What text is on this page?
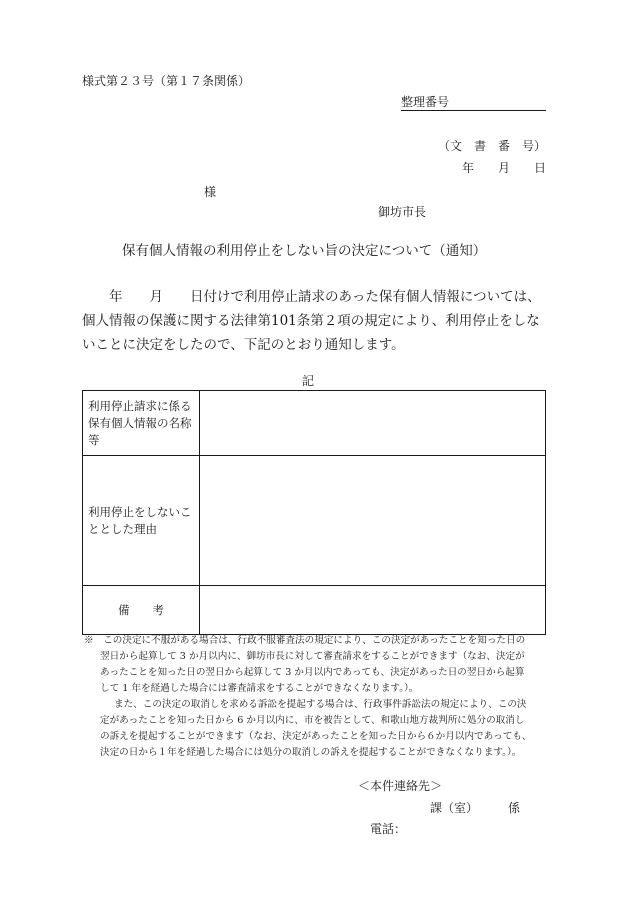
様式第２３号（第１７条関係）
整理番号
（文　書　番　号）
年　　月　　日
様
御坊市長
保有個人情報の利用停止をしない旨の決定について（通知）
　　年　　月　　日付けで利用停止請求のあった保有個人情報については、個人情報の保護に関する法律第101条第２項の規定により、利用停止をしないことに決定をしたので、下記のとおり通知します。
記
利用停止請求に係る
保有個人情報の名称
等	

利用停止をしないこ
ととした理由	

備　　考	
※　この決定に不服がある場合は、行政不服審査法の規定により、この決定があったことを知った日の
翌日から起算して 3 か月以内に、御坊市長に対して審査請求をすることができます（なお、決定が
あったことを知った日の翌日から起算して 3 か月以内であっても、決定があった日の翌日から起算
して 1 年を経過した場合には審査請求をすることができなくなります。）。
また、この決定の取消しを求める訴訟を提起する場合は、行政事件訴訟法の規定により、この決
定があったことを知った日から 6 か月以内に、市を被告として、和歌山地方裁判所に処分の取消し
の訴えを提起することができます（なお、決定があったことを知った日から６か月以内であっても、
決定の日から１年を経過した場合には処分の取消しの訴えを提起することができなくなります。）。
＜本件連絡先＞
課（室）　　　係
電話：
